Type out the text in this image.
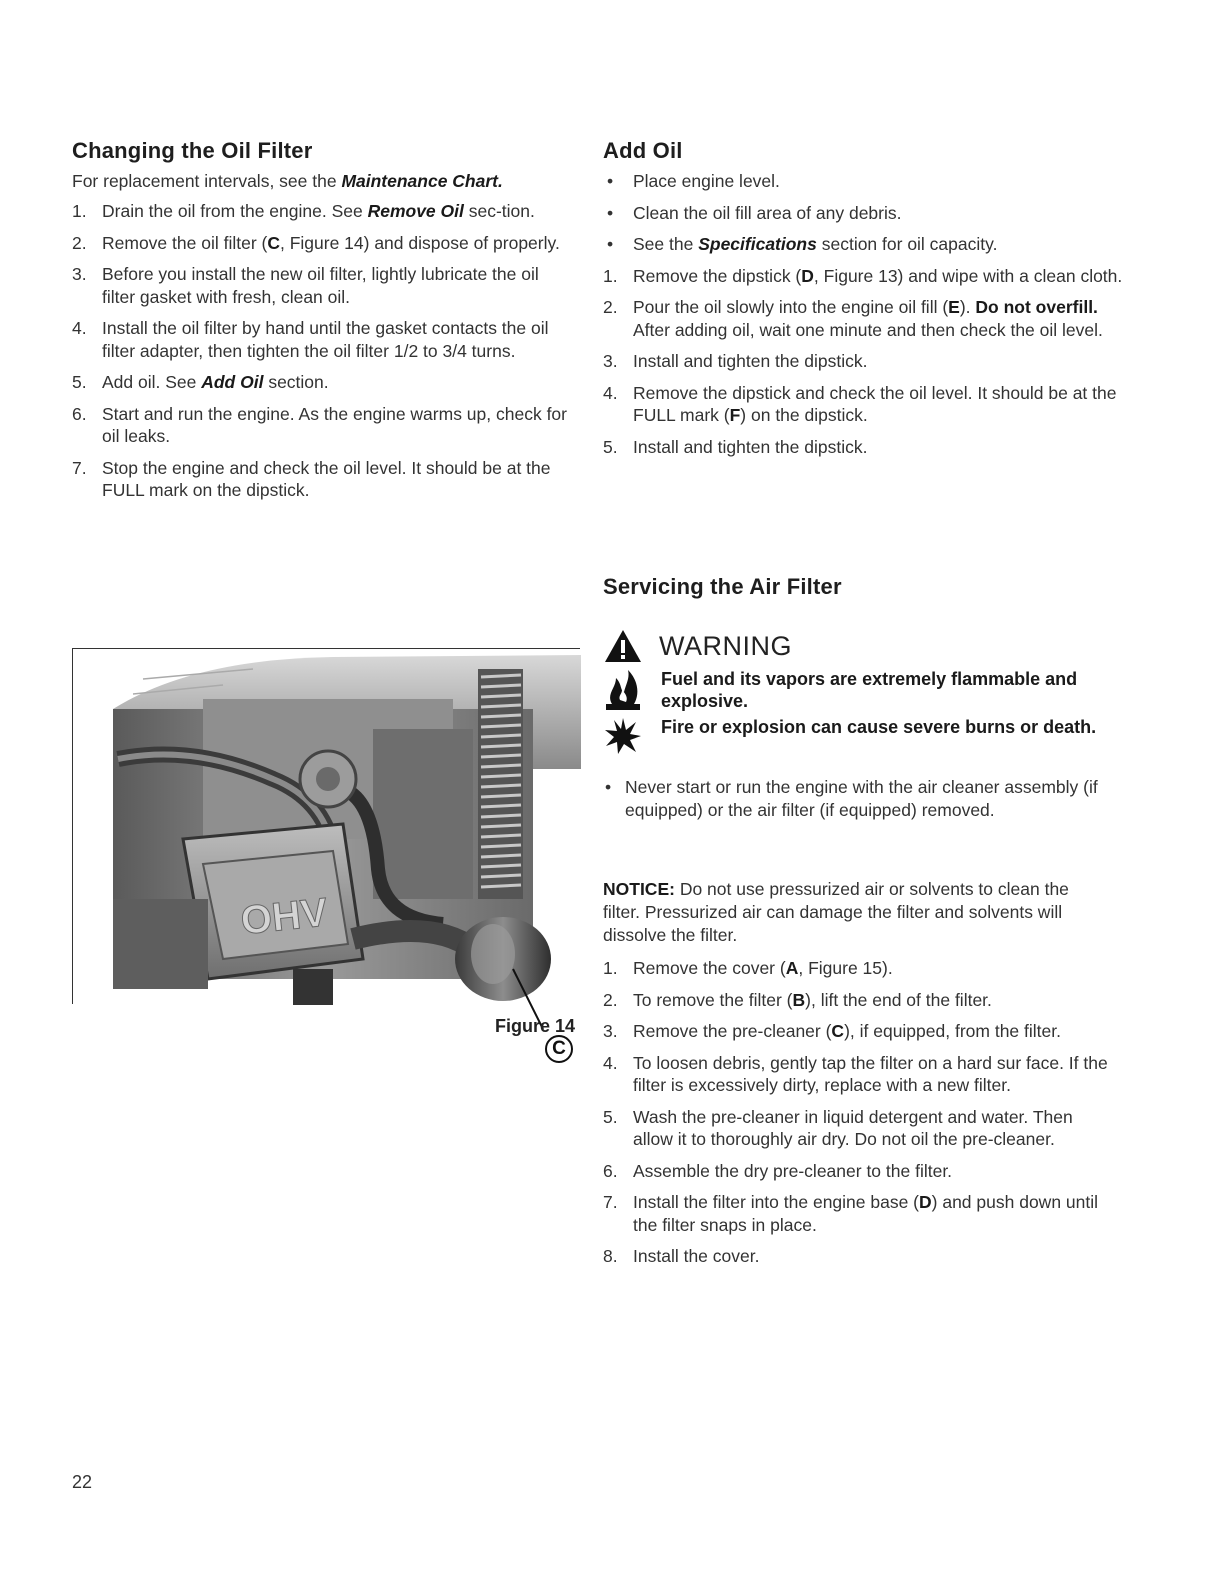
Changing the Oil Filter

For replacement intervals, see the Maintenance Chart.

1. Drain the oil from the engine. See Remove Oil sec-tion.
2. Remove the oil filter (C, Figure 14) and dispose of properly.
3. Before you install the new oil filter, lightly lubricate the oil filter gasket with fresh, clean oil.
4. Install the oil filter by hand until the gasket contacts the oil filter adapter, then tighten the oil filter 1/2 to 3/4 turns.
5. Add oil. See Add Oil section.
6. Start and run the engine. As the engine warms up, check for oil leaks.
7. Stop the engine and check the oil level. It should be at the FULL mark on the dipstick.
OHV
C
Figure 14
Add Oil
• Place engine level.
• Clean the oil fill area of any debris.
• See the Specifications section for oil capacity.
1. Remove the dipstick (D, Figure 13) and wipe with a clean cloth.
2. Pour the oil slowly into the engine oil fill (E). Do not overfill. After adding oil, wait one minute and then check the oil level.
3. Install and tighten the dipstick.
4. Remove the dipstick and check the oil level. It should be at the FULL mark (F) on the dipstick.
5. Install and tighten the dipstick.
Servicing the Air Filter
WARNING
Fuel and its vapors are extremely flammable and explosive.
Fire or explosion can cause severe burns or death.
• Never start or run the engine with the air cleaner assembly (if equipped) or the air filter (if equipped) removed.

NOTICE: Do not use pressurized air or solvents to clean the filter. Pressurized air can damage the filter and solvents will dissolve the filter.

1. Remove the cover (A, Figure 15).
2. To remove the filter (B), lift the end of the filter.
3. Remove the pre-cleaner (C), if equipped, from the filter.
4. To loosen debris, gently tap the filter on a hard sur face. If the filter is excessively dirty, replace with a new filter.
5. Wash the pre-cleaner in liquid detergent and water. Then allow it to thoroughly air dry. Do not oil the pre-cleaner.
6. Assemble the dry pre-cleaner to the filter.
7. Install the filter into the engine base (D) and push down until the filter snaps in place.
8. Install the cover.
22
